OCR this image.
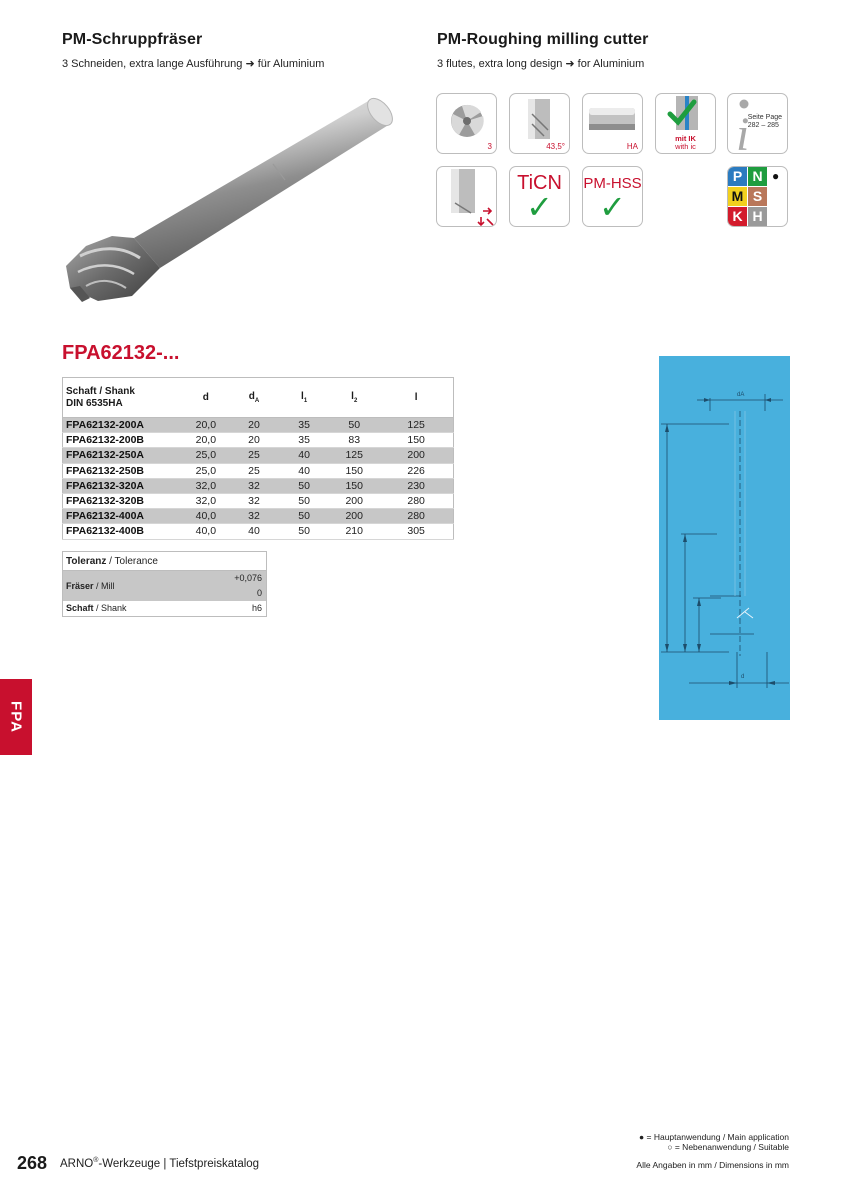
PM-Schruppfräser
3 Schneiden, extra lange Ausführung ➜ für Aluminium
PM-Roughing milling cutter
3 flutes, extra long design ➜ for Aluminium
3	43,5°	HA
mit IK
with ic i
Seite Page
282 – 285
TiCN
✓
PM-HSS
✓
P N ●
M S
K H
FPA62132-...
Schaft / Shank
DIN 6535HA	d	$d_A$	$l_1$	$l_2$	l
FPA62132-200A	20,0	20	35	50	125
FPA62132-200B	20,0	20	35	83	150
FPA62132-250A	25,0	25	40	125	200
FPA62132-250B	25,0	25	40	150	226
FPA62132-320A	32,0	32	50	150	230
FPA62132-320B	32,0	32	50	200	280
FPA62132-400A	40,0	32	50	200	280
FPA62132-400B	40,0	40	50	210	305
Toleranz / Tolerance	
Fräser / Mill	+0,076
0

Schaft / Shank	h6
dA
d
FPA
● = Hauptanwendung / Main application
○ = Nebenanwendung / Suitable
268 ARNO®-Werkzeuge | Tiefstpreiskatalog	Alle Angaben in mm / Dimensions in mm
